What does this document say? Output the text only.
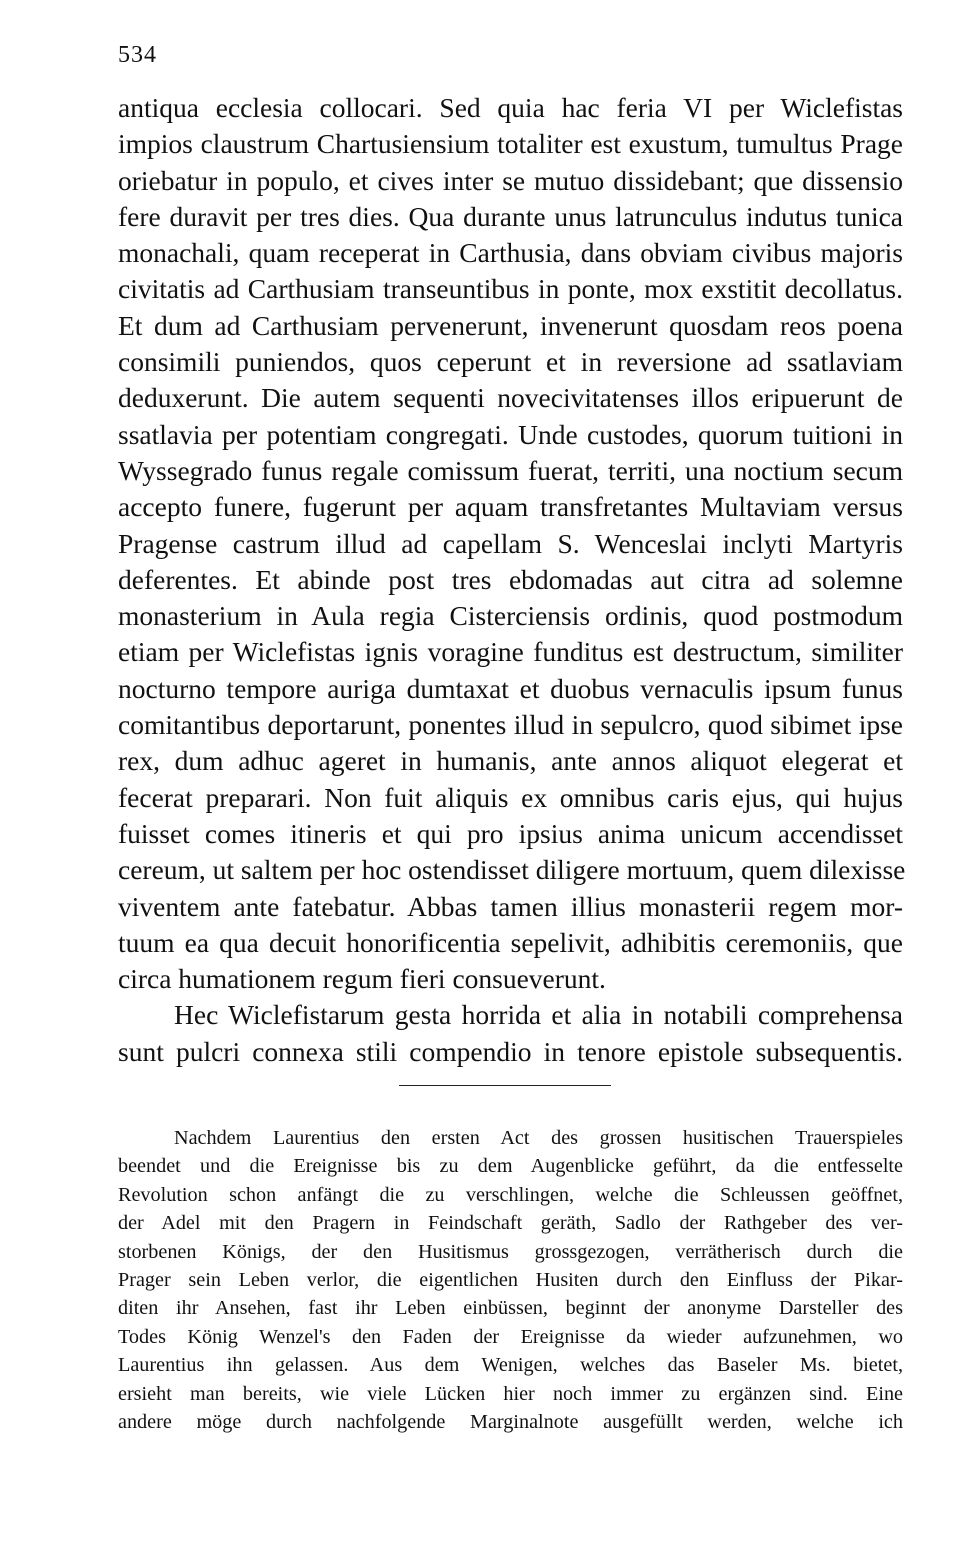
534
antiqua ecclesia collocari. Sed quia hac feria VI per Wiclefistas
impios claustrum Chartusiensium totaliter est exustum, tumultus Prage
oriebatur in populo, et cives inter se mutuo dissidebant; que dissensio
fere duravit per tres dies. Qua durante unus latrunculus indutus tunica
monachali, quam receperat in Carthusia, dans obviam civibus majoris
civitatis ad Carthusiam transeuntibus in ponte, mox exstitit decollatus.
Et dum ad Carthusiam pervenerunt, invenerunt quosdam reos poena
consimili puniendos, quos ceperunt et in reversione ad ssatlaviam
deduxerunt. Die autem sequenti novecivitatenses illos eripuerunt de
ssatlavia per potentiam congregati. Unde custodes, quorum tuitioni in
Wyssegrado funus regale comissum fuerat, territi, una noctium secum
accepto funere, fugerunt per aquam transfretantes Multaviam versus
Pragense castrum illud ad capellam S. Wenceslai inclyti Martyris
deferentes. Et abinde post tres ebdomadas aut citra ad solemne
monasterium in Aula regia Cisterciensis ordinis, quod postmodum
etiam per Wiclefistas ignis voragine funditus est destructum, similiter
nocturno tempore auriga dumtaxat et duobus vernaculis ipsum funus
comitantibus deportarunt, ponentes illud in sepulcro, quod sibimet ipse
rex, dum adhuc ageret in humanis, ante annos aliquot elegerat et
fecerat preparari. Non fuit aliquis ex omnibus caris ejus, qui hujus
fuisset comes itineris et qui pro ipsius anima unicum accendisset
cereum, ut saltem per hoc ostendisset diligere mortuum, quem dilexisse
viventem ante fatebatur. Abbas tamen illius monasterii regem mor-
tuum ea qua decuit honorificentia sepelivit, adhibitis ceremoniis, que
circa humationem regum fieri consueverunt.
Hec Wiclefistarum gesta horrida et alia in notabili comprehensa
sunt pulcri connexa stili compendio in tenore epistole subsequentis.
Nachdem Laurentius den ersten Act des grossen husitischen Trauerspieles
beendet und die Ereignisse bis zu dem Augenblicke geführt, da die entfesselte
Revolution schon anfängt die zu verschlingen, welche die Schleussen geöffnet,
der Adel mit den Pragern in Feindschaft geräth, Sadlo der Rathgeber des ver-
storbenen Königs, der den Husitismus grossgezogen, verrätherisch durch die
Prager sein Leben verlor, die eigentlichen Husiten durch den Einfluss der Pikar-
diten ihr Ansehen, fast ihr Leben einbüssen, beginnt der anonyme Darsteller des
Todes König Wenzel's den Faden der Ereignisse da wieder aufzunehmen, wo
Laurentius ihn gelassen. Aus dem Wenigen, welches das Baseler Ms. bietet,
ersieht man bereits, wie viele Lücken hier noch immer zu ergänzen sind. Eine
andere möge durch nachfolgende Marginalnote ausgefüllt werden, welche ich
